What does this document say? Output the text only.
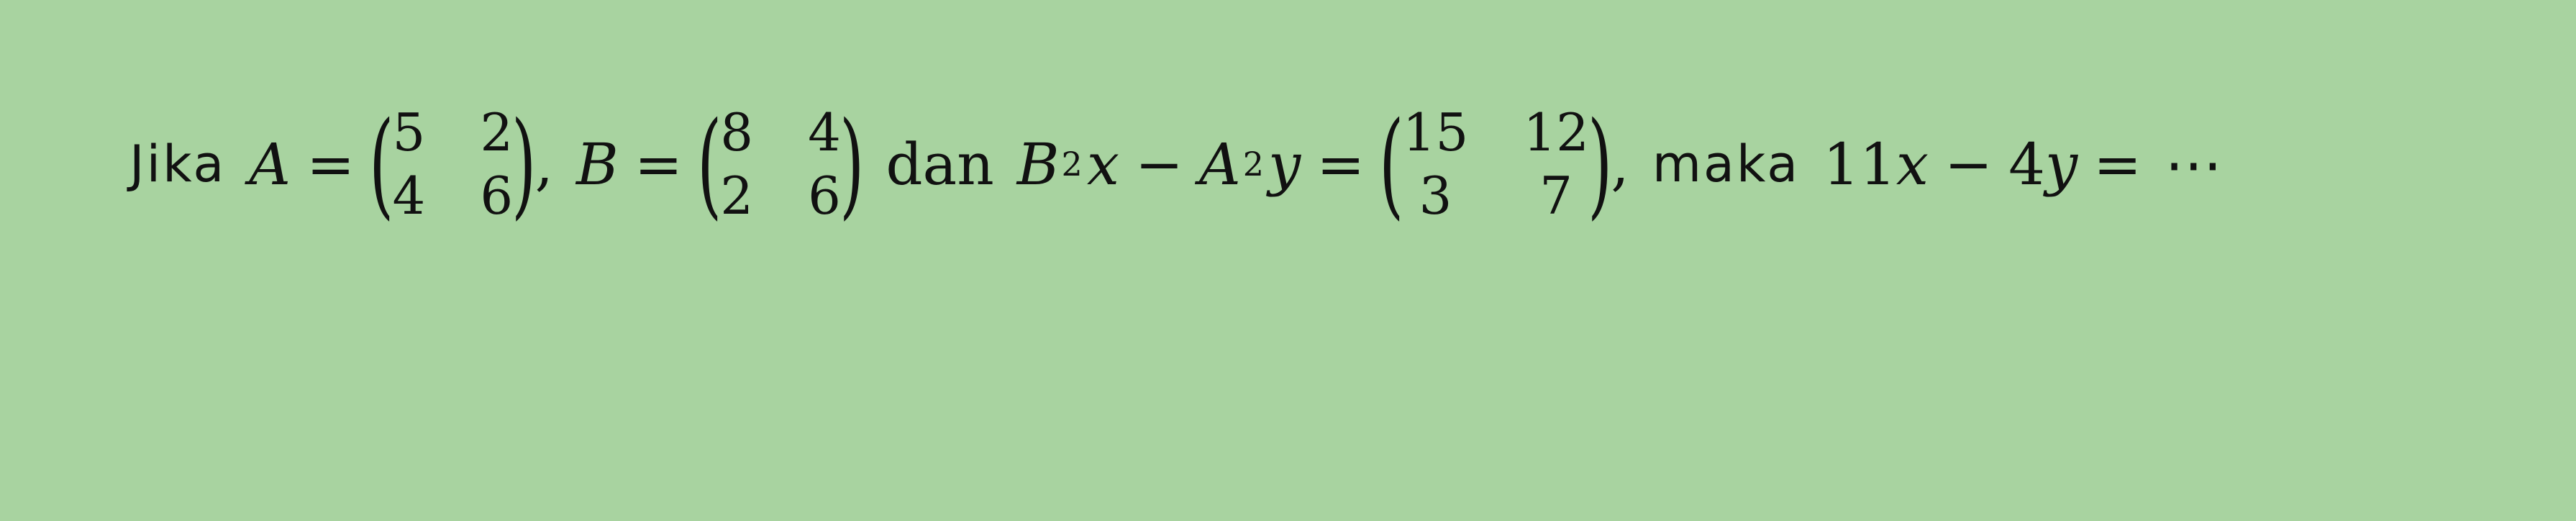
Jika A = (
5 2
4 6
)
, B = (
8 4
2 6
) dan B 2 x − A 2 y = (
15 12
3	7 )
, maka 11 x − 4 y = ⋯
